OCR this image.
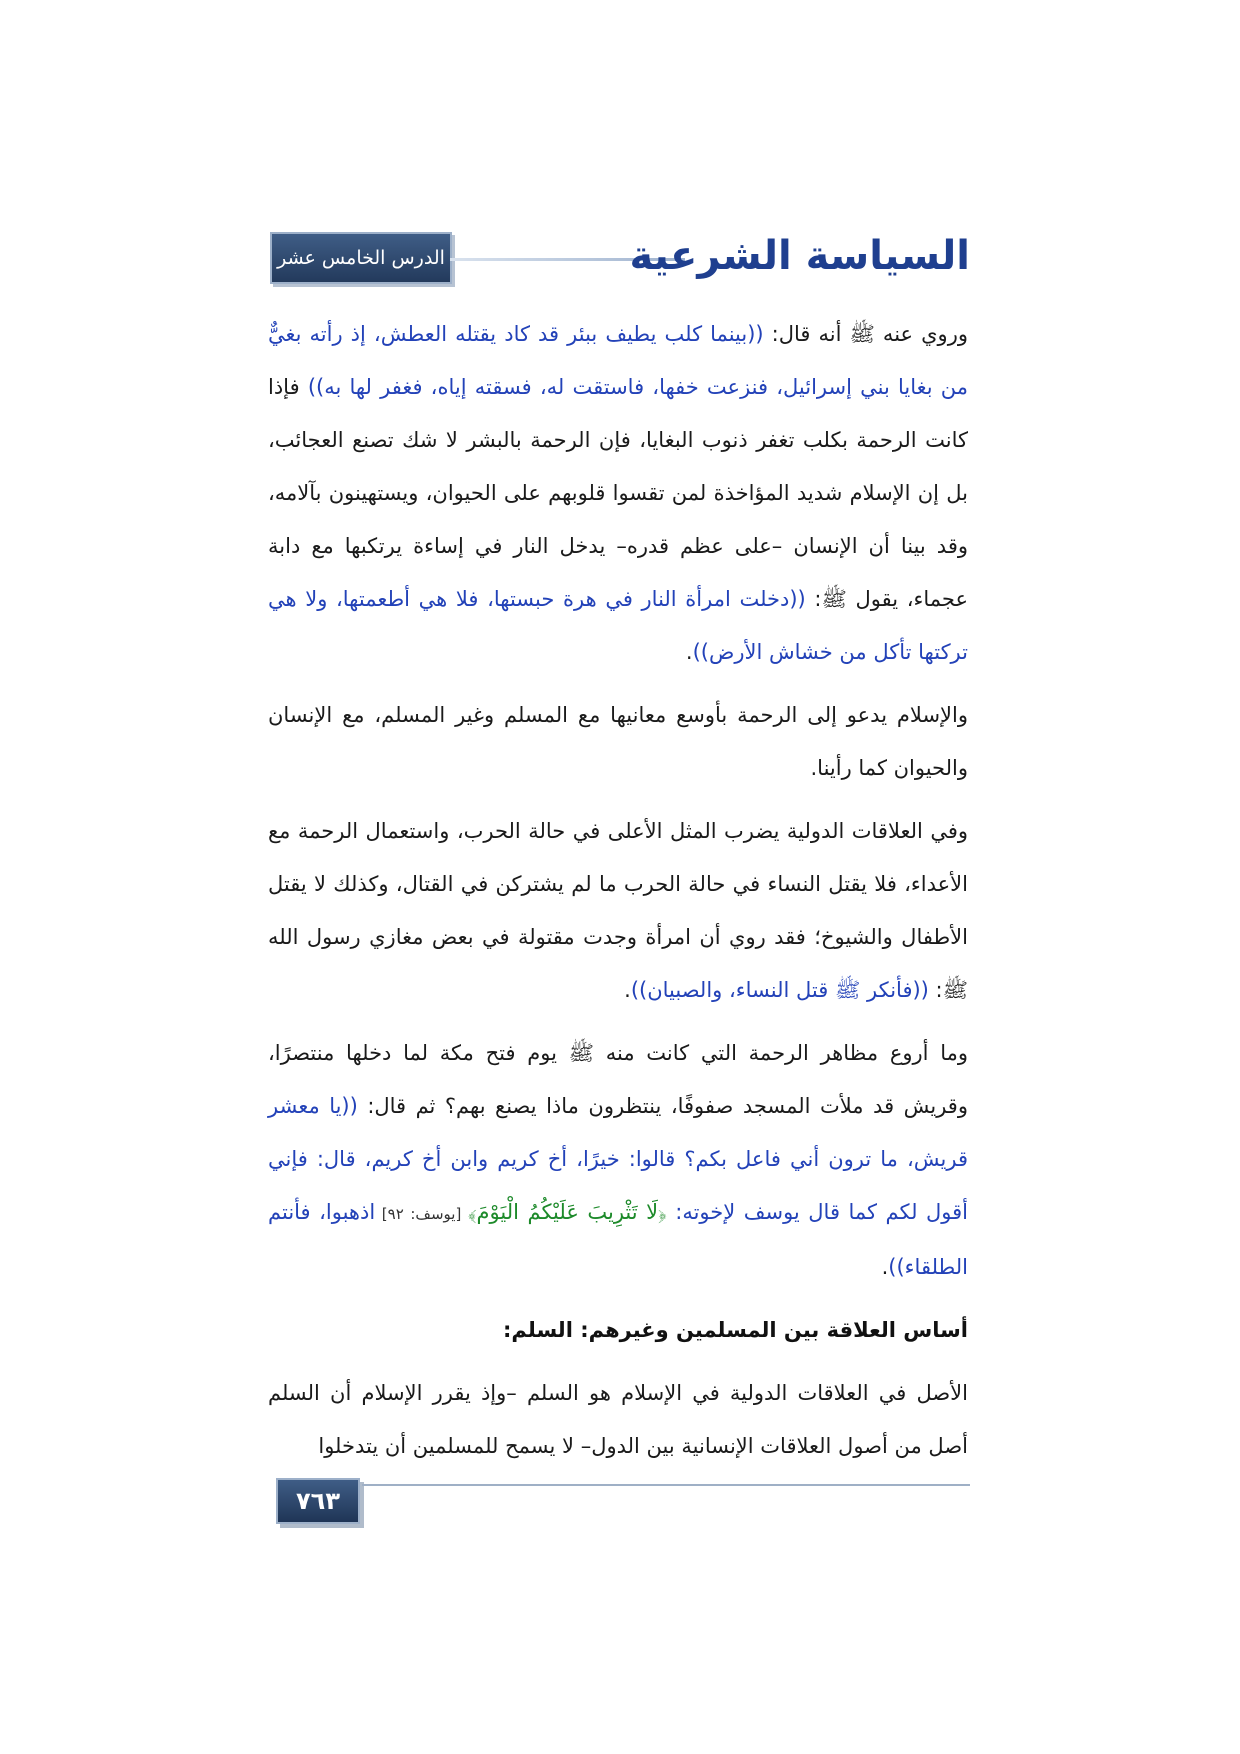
الدرس الخامس عشر	السياسة الشرعية

وروي عنه ﷺ أنه قال: ((بينما كلب يطيف ببئر قد كاد يقتله العطش، إذ رأته بغيٌّ من بغايا بني إسرائيل، فنزعت خفها، فاستقت له، فسقته إياه، فغفر لها به)) فإذا كانت الرحمة بكلب تغفر ذنوب البغايا، فإن الرحمة بالبشر لا شك تصنع العجائب، بل إن الإسلام شديد المؤاخذة لمن تقسوا قلوبهم على الحيوان، ويستهينون بآلامه، وقد بينا أن الإنسان –على عظم قدره– يدخل النار في إساءة يرتكبها مع دابة عجماء، يقول ﷺ: ((دخلت امرأة النار في هرة حبستها، فلا هي أطعمتها، ولا هي تركتها تأكل من خشاش الأرض)).

والإسلام يدعو إلى الرحمة بأوسع معانيها مع المسلم وغير المسلم، مع الإنسان والحيوان كما رأينا.

وفي العلاقات الدولية يضرب المثل الأعلى في حالة الحرب، واستعمال الرحمة مع الأعداء، فلا يقتل النساء في حالة الحرب ما لم يشتركن في القتال، وكذلك لا يقتل الأطفال والشيوخ؛ فقد روي أن امرأة وجدت مقتولة في بعض مغازي رسول الله ﷺ: ((فأنكر ﷺ قتل النساء، والصبيان)).

وما أروع مظاهر الرحمة التي كانت منه ﷺ يوم فتح مكة لما دخلها منتصرًا، وقريش قد ملأت المسجد صفوفًا، ينتظرون ماذا يصنع بهم؟ ثم قال: ((يا معشر قريش، ما ترون أني فاعل بكم؟ قالوا: خيرًا، أخ كريم وابن أخ كريم، قال: فإني أقول لكم كما قال يوسف لإخوته: ﴿لَا تَثْرِيبَ عَلَيْكُمُ الْيَوْمَ﴾ [يوسف: ٩٢] اذهبوا، فأنتم الطلقاء)).

أساس العلاقة بين المسلمين وغيرهم: السلم:

الأصل في العلاقات الدولية في الإسلام هو السلم –وإذ يقرر الإسلام أن السلم أصل من أصول العلاقات الإنسانية بين الدول– لا يسمح للمسلمين أن يتدخلوا

٧٦٣
